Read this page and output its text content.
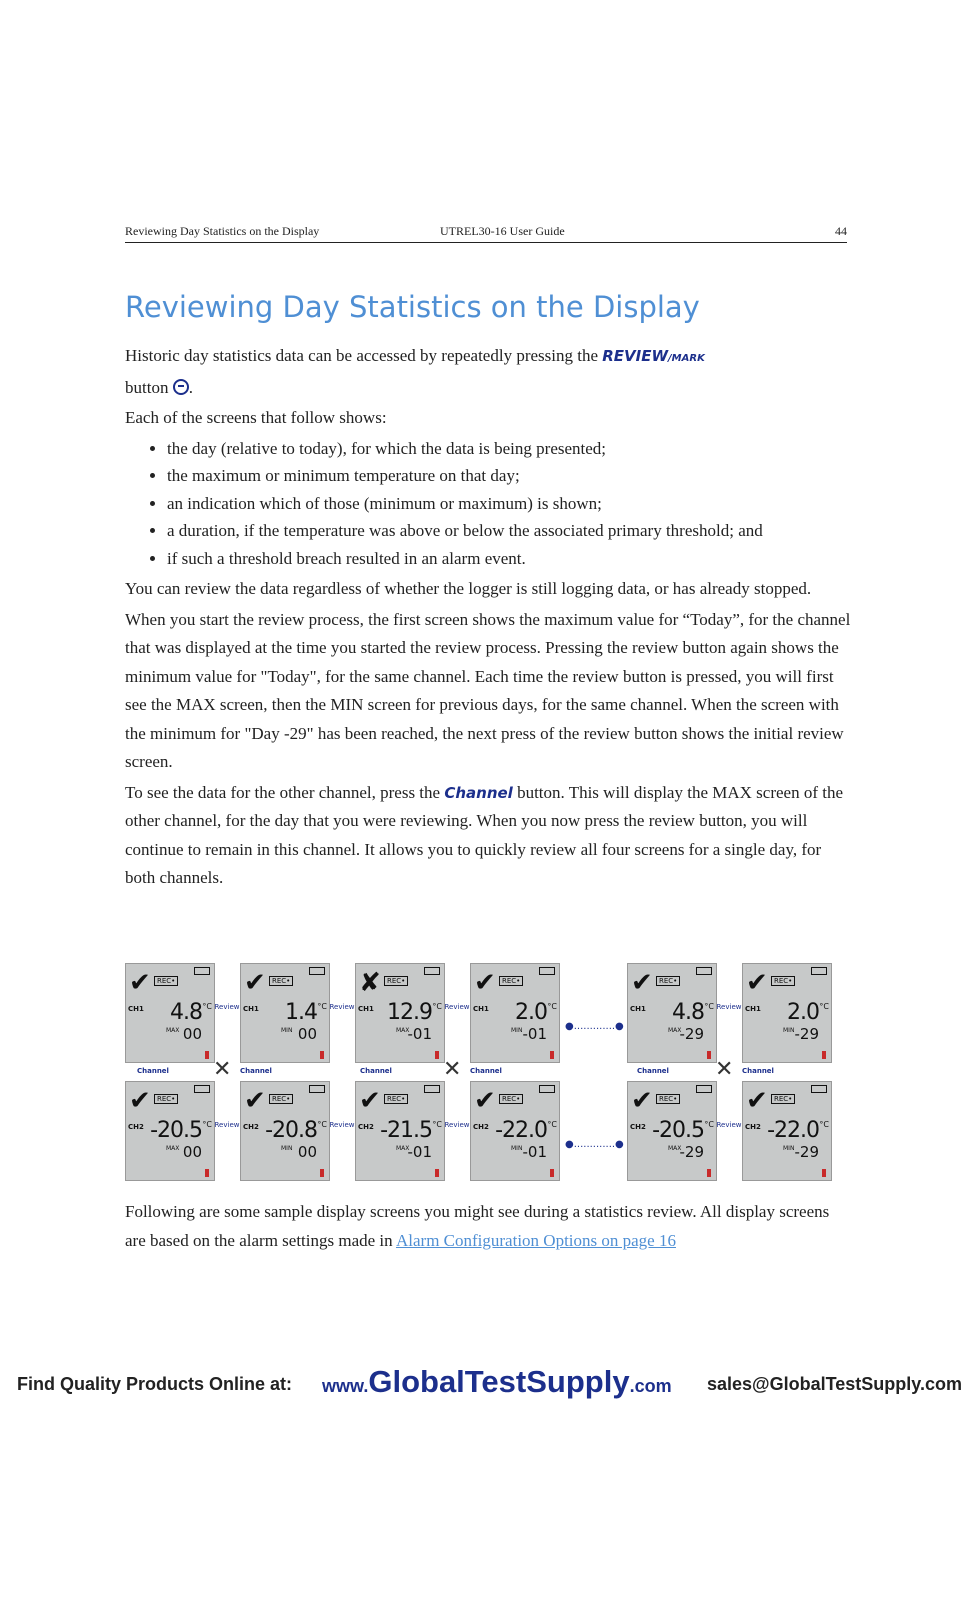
Reviewing Day Statistics on the Display	UTREL30-16 User Guide	44
Reviewing Day Statistics on the Display

Historic day statistics data can be accessed by repeatedly pressing the REVIEW/MARK
button .

Each of the screens that follow shows:

• the day (relative to today), for which the data is being presented;
• the maximum or minimum temperature on that day;
• an indication which of those (minimum or maximum) is shown;
• a duration, if the temperature was above or below the associated primary threshold; and
• if such a threshold breach resulted in an alarm event.

You can review the data regardless of whether the logger is still logging data, or has already stopped.

When you start the review process, the first screen shows the maximum value for “Today”, for the channel that was displayed at the time you started the review process. Pressing the review button again shows the minimum value for "Today", for the same channel. Each time the review button is pressed, you will first see the MAX screen, then the MIN screen for previous days, for the same channel. When the screen with the minimum for "Day -29" has been reached, the next press of the review button shows the initial review screen.

To see the data for the other channel, press the Channel button. This will display the MAX screen of the other channel, for the day that you were reviewing. When you now press the review button, you will continue to remain in this channel. It allows you to quickly review all four screens for a single day, for both channels.

✔ REC•
CH1 4.8 °C
MAX 00
Review
✔ REC•
CH1 1.4 °C
MIN 00
Review
✘ REC•
CH1 12.9 °C
MAX
-01
Review
✔ REC•
CH1 2.0 °C
MIN -01
✔ REC•
CH1 4.8 °C
MAX
-29
Review
✔ REC•
CH1 2.0 °C
MIN -29
●.............●
✔ REC•
CH2 -20.5 °C
MAX 00
Review
✔ REC•
CH2 -20.8 °C
MIN 00
Review
✔ REC•
CH2 -21.5 °C
MAX
-01
Review
✔ REC•
CH2 -22.0 °C
MIN -01
✔ REC•
CH2 -20.5 °C
MAX
-29
Review
✔ REC•
CH2 -22.0 °C
MIN -29
●.............●
Channel	Channel	Channel	Channel	Channel	Channel
✕	✕	✕
Following are some sample display screens you might see during a statistics review. All display screens are based on the alarm settings made in Alarm Configuration Options on page 16
Find Quality Products Online at: www.GlobalTestSupply.com sales@GlobalTestSupply.com
